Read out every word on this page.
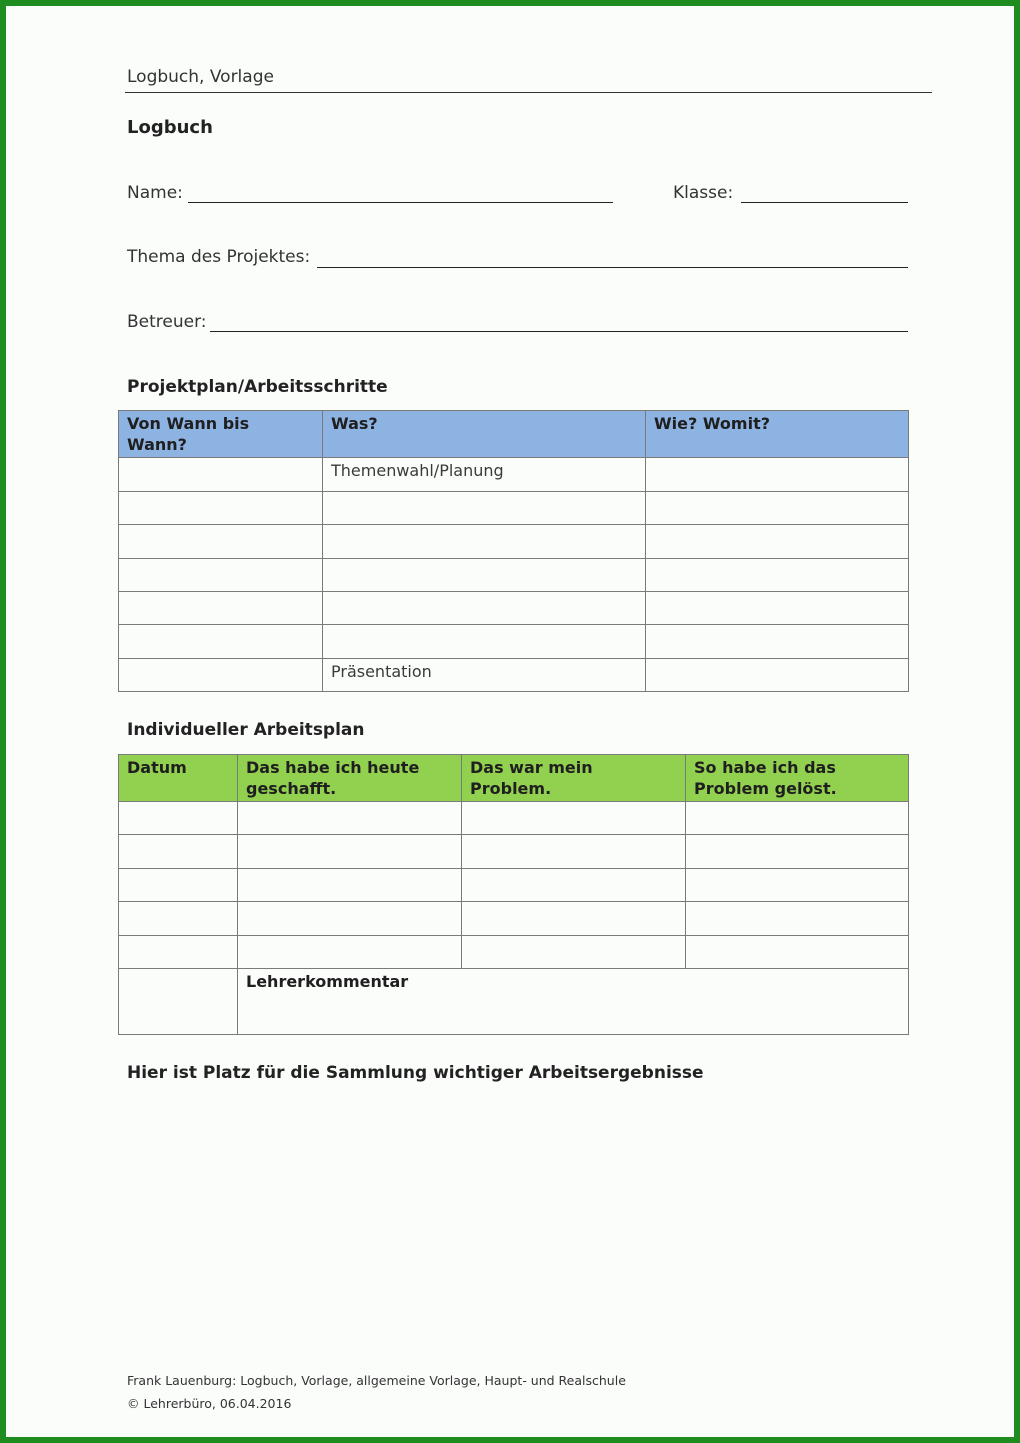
Logbuch, Vorlage
Logbuch
Name:	Klasse:
Thema des Projektes:
Betreuer:
Projektplan/Arbeitsschritte
Von Wann bis Wann?	Was?	Wie? Womit?
	Themenwahl/Planung	

	Präsentation	
Individueller Arbeitsplan
Datum	Das habe ich heute geschafft.	Das war mein Problem.	So habe ich das Problem gelöst.

	Lehrerkommentar		
Hier ist Platz für die Sammlung wichtiger Arbeitsergebnisse
Frank Lauenburg: Logbuch, Vorlage, allgemeine Vorlage, Haupt- und Realschule
© Lehrerbüro, 06.04.2016
